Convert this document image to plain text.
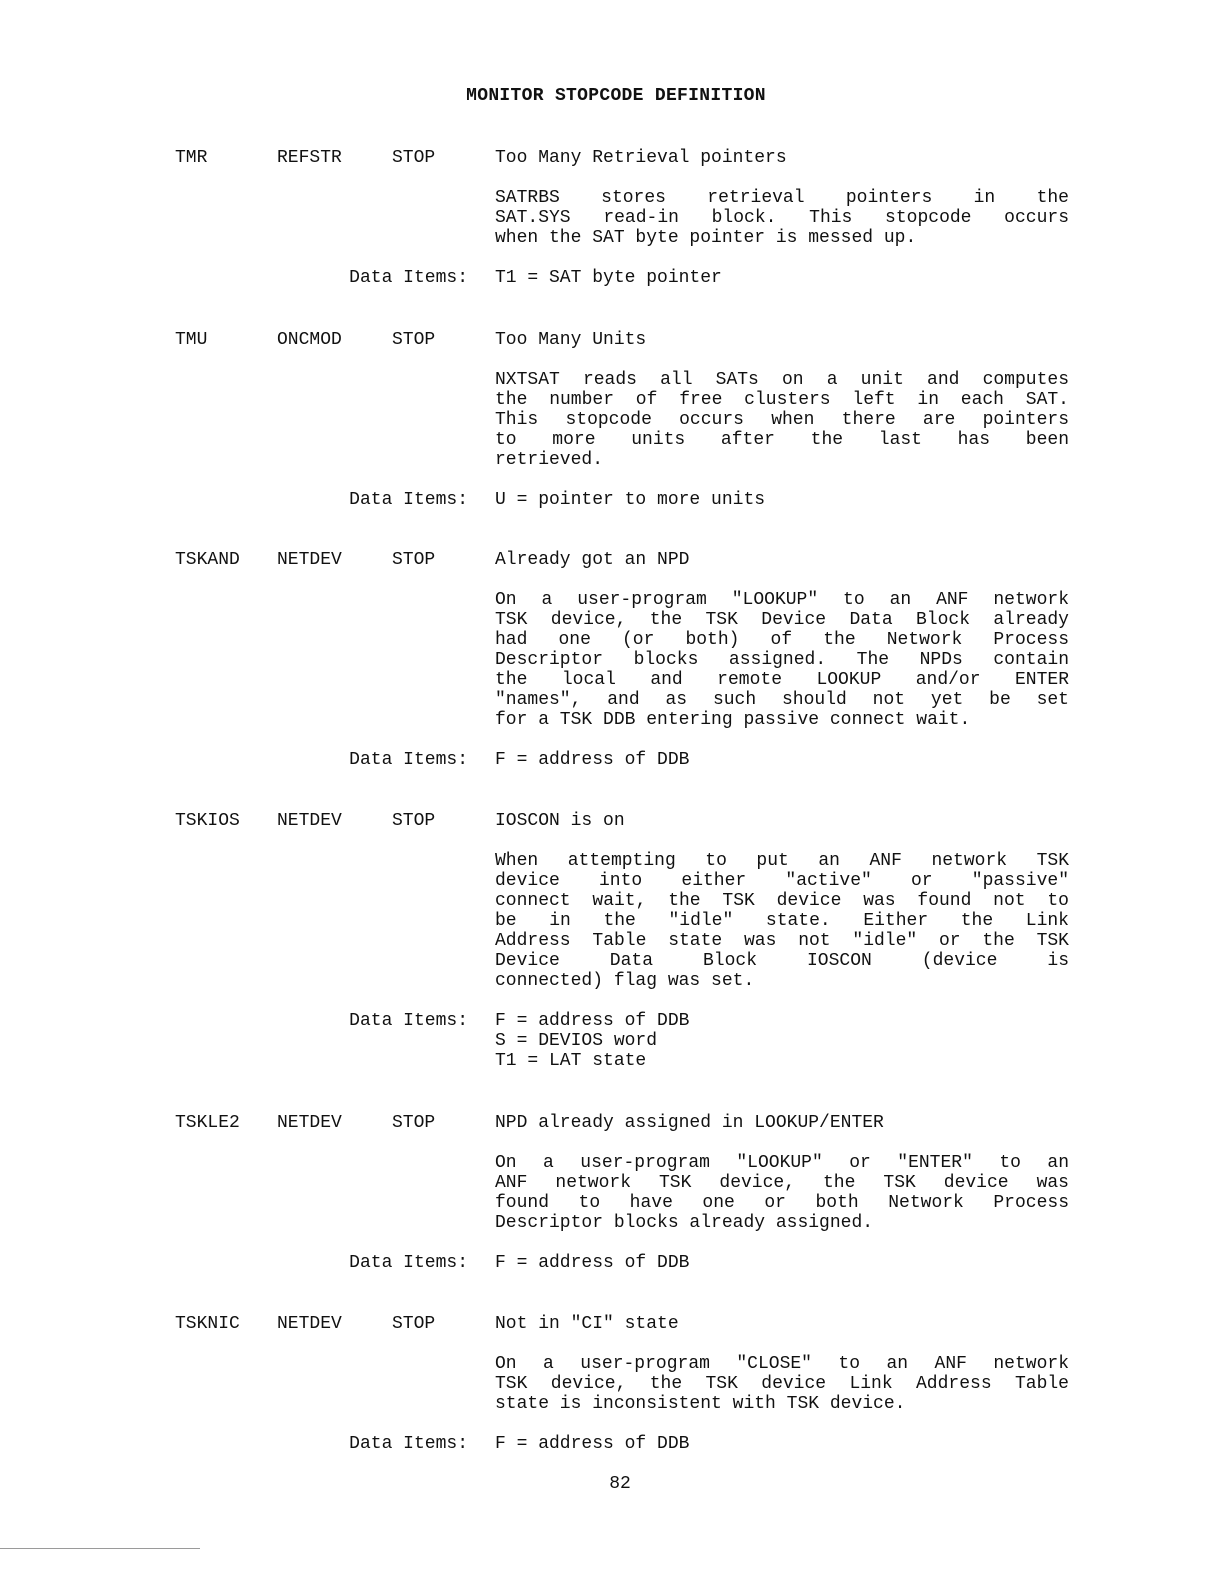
MONITOR STOPCODE DEFINITION
TMR	REFSTR	STOP	Too Many Retrieval pointers
SATRBS stores retrieval pointers in the
SAT.SYS read-in block. This stopcode occurs
when the SAT byte pointer is messed up.
Data Items: T1 = SAT byte pointer
TMU	ONCMOD	STOP	Too Many Units
NXTSAT reads all SATs on a unit and computes
the number of free clusters left in each SAT.
This stopcode occurs when there are pointers
to more units after the last has been
retrieved.
Data Items: U = pointer to more units
TSKAND NETDEV	STOP	Already got an NPD
On a user-program "LOOKUP" to an ANF network
TSK device, the TSK Device Data Block already
had one (or both) of the Network Process
Descriptor blocks assigned. The NPDs contain
the local and remote LOOKUP and/or ENTER
"names", and as such should not yet be set
for a TSK DDB entering passive connect wait.
Data Items: F = address of DDB
TSKIOS NETDEV	STOP	IOSCON is on
When attempting to put an ANF network TSK
device into either "active" or "passive"
connect wait, the TSK device was found not to
be in the "idle" state. Either the Link
Address Table state was not "idle" or the TSK
Device Data Block IOSCON (device is
connected) flag was set.
Data Items: F = address of DDB
S = DEVIOS word
T1 = LAT state
TSKLE2 NETDEV	STOP	NPD already assigned in LOOKUP/ENTER
On a user-program "LOOKUP" or "ENTER" to an
ANF network TSK device, the TSK device was
found to have one or both Network Process
Descriptor blocks already assigned.
Data Items: F = address of DDB
TSKNIC NETDEV	STOP	Not in "CI" state
On a user-program "CLOSE" to an ANF network
TSK device, the TSK device Link Address Table
state is inconsistent with TSK device.
Data Items: F = address of DDB
82
